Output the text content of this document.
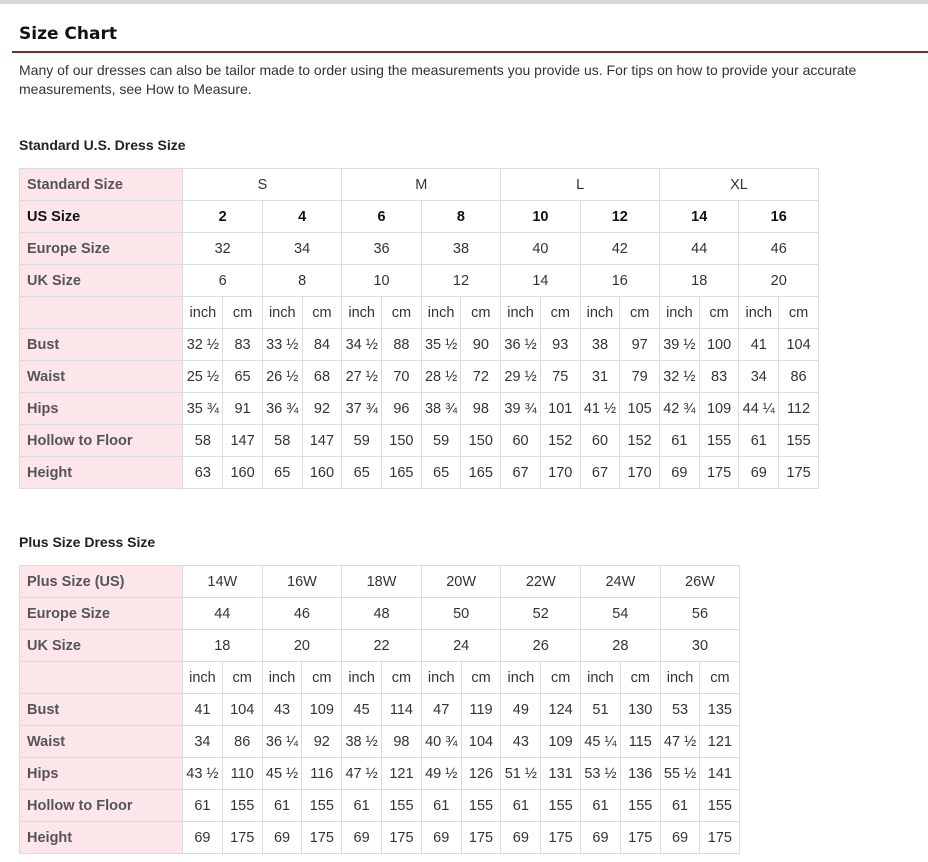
Size Chart
Many of our dresses can also be tailor made to order using the measurements you provide us. For tips on how to provide your accurate measurements, see How to Measure.
Standard U.S. Dress Size
Standard Size	S				M				L				XL			
US Size	2		4		6		8		10		12		14		16	
Europe Size	32		34		36		38		40		42		44		46	
UK Size	6		8		10		12		14		16		18		20	
	inch	cm	inch	cm	inch	cm	inch	cm	inch	cm	inch	cm	inch	cm	inch	cm
Bust	32 ½	83	33 ½	84	34 ½	88	35 ½	90	36 ½	93	38	97	39 ½	100	41	104
Waist	25 ½	65	26 ½	68	27 ½	70	28 ½	72	29 ½	75	31	79	32 ½	83	34	86
Hips	35 ¾	91	36 ¾	92	37 ¾	96	38 ¾	98	39 ¾	101	41 ½	105	42 ¾	109	44 ¼	112
Hollow to Floor	58	147	58	147	59	150	59	150	60	152	60	152	61	155	61	155
Height	63	160	65	160	65	165	65	165	67	170	67	170	69	175	69	175
Plus Size Dress Size
Plus Size (US)	14W		16W		18W		20W		22W		24W		26W	
Europe Size	44		46		48		50		52		54		56	
UK Size	18		20		22		24		26		28		30	
	inch	cm	inch	cm	inch	cm	inch	cm	inch	cm	inch	cm	inch	cm
Bust	41	104	43	109	45	114	47	119	49	124	51	130	53	135
Waist	34	86	36 ¼	92	38 ½	98	40 ¾	104	43	109	45 ¼	115	47 ½	121
Hips	43 ½	110	45 ½	116	47 ½	121	49 ½	126	51 ½	131	53 ½	136	55 ½	141
Hollow to Floor	61	155	61	155	61	155	61	155	61	155	61	155	61	155
Height	69	175	69	175	69	175	69	175	69	175	69	175	69	175
